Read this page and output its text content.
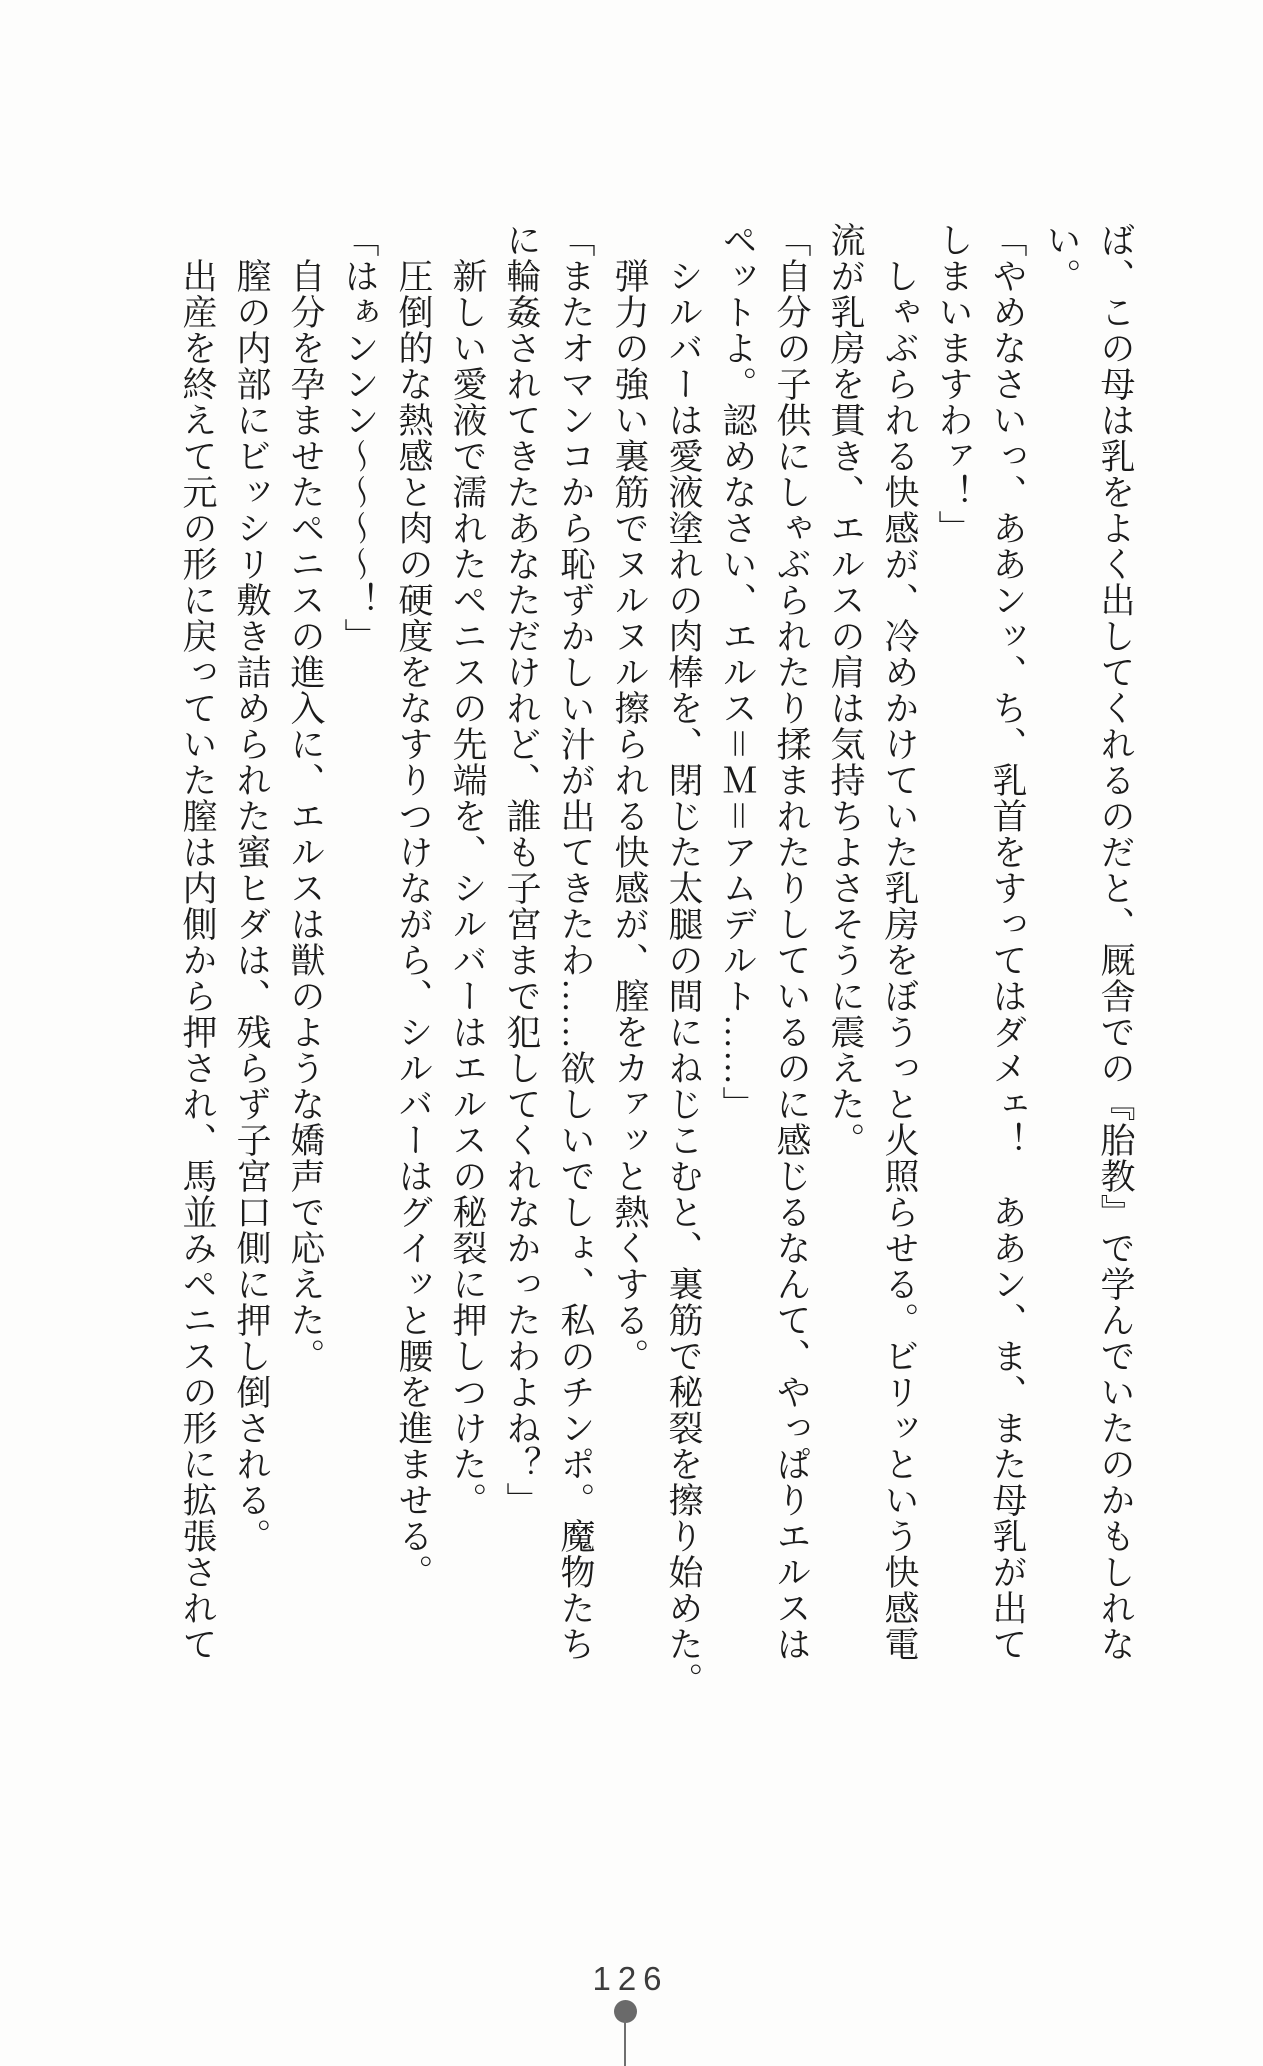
ば、この母は乳をよく出してくれるのだと、厩舎での『胎教』で学んでいたのかもしれな
い。
「やめなさいっ、ああンッ、ち、乳首をすってはダメェ！　ああン、ま、また母乳が出て
しまいますわァ！」
しゃぶられる快感が、冷めかけていた乳房をぼうっと火照らせる。ビリッという快感電
流が乳房を貫き、エルスの肩は気持ちよさそうに震えた。
「自分の子供にしゃぶられたり揉まれたりしているのに感じるなんて、やっぱりエルスは
ペットよ。認めなさい、エルス＝Ｍ＝アムデルト……」
シルバーは愛液塗れの肉棒を、閉じた太腿の間にねじこむと、裏筋で秘裂を擦り始めた。
弾力の強い裏筋でヌルヌル擦られる快感が、膣をカァッと熱くする。
「またオマンコから恥ずかしい汁が出てきたわ……欲しいでしょ、私のチンポ。魔物たち
に輪姦されてきたあなただけれど、誰も子宮まで犯してくれなかったわよね？」
新しい愛液で濡れたペニスの先端を、シルバーはエルスの秘裂に押しつけた。
圧倒的な熱感と肉の硬度をなすりつけながら、シルバーはグイッと腰を進ませる。
「はぁンンン～～～～！」
自分を孕ませたペニスの進入に、エルスは獣のような嬌声で応えた。
膣の内部にビッシリ敷き詰められた蜜ヒダは、残らず子宮口側に押し倒される。
出産を終えて元の形に戻っていた膣は内側から押され、馬並みペニスの形に拡張されて
126
